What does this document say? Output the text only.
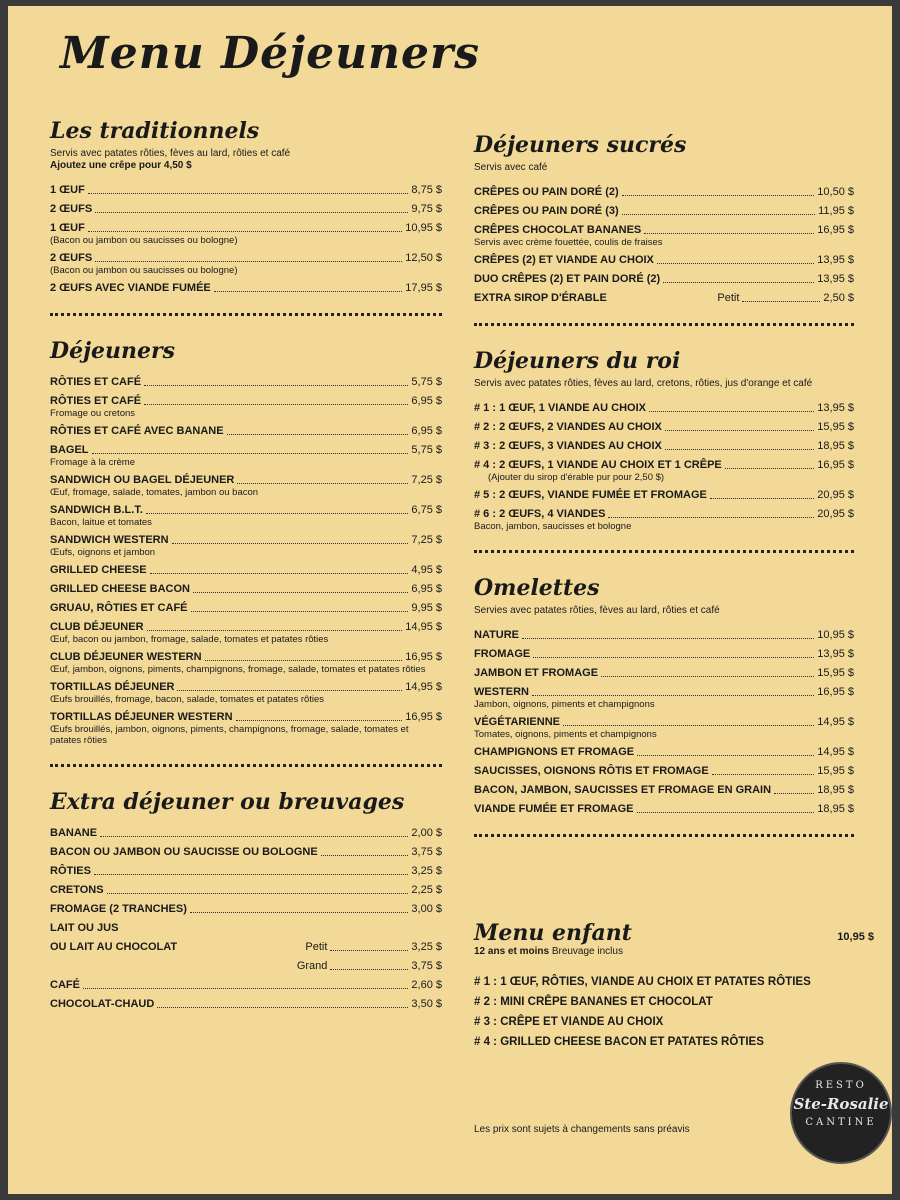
Menu Déjeuners
Les traditionnels
Servis avec patates rôties, fèves au lard, rôties et café
Ajoutez une crêpe pour 4,50 $
1 ŒUF	8,75 $
2 ŒUFS	9,75 $
1 ŒUF	10,95 $
(Bacon ou jambon ou saucisses ou bologne)
2 ŒUFS	12,50 $
(Bacon ou jambon ou saucisses ou bologne)
2 ŒUFS AVEC VIANDE FUMÉE	17,95 $
Déjeuners
RÔTIES ET CAFÉ	5,75 $
RÔTIES ET CAFÉ	6,95 $
Fromage ou cretons
RÔTIES ET CAFÉ AVEC BANANE	6,95 $
BAGEL	5,75 $
Fromage à la crème
SANDWICH OU BAGEL DÉJEUNER	7,25 $
Œuf, fromage, salade, tomates, jambon ou bacon
SANDWICH B.L.T.	6,75 $
Bacon, laitue et tomates
SANDWICH WESTERN	7,25 $
Œufs, oignons et jambon
GRILLED CHEESE	4,95 $
GRILLED CHEESE BACON	6,95 $
GRUAU, RÔTIES ET CAFÉ	9,95 $
CLUB DÉJEUNER	14,95 $
Œuf, bacon ou jambon, fromage, salade, tomates et patates rôties
CLUB DÉJEUNER WESTERN	16,95 $
Œuf, jambon, oignons, piments, champignons, fromage, salade, tomates et patates rôties
TORTILLAS DÉJEUNER	14,95 $
Œufs brouillés, fromage, bacon, salade, tomates et patates rôties
TORTILLAS DÉJEUNER WESTERN	16,95 $
Œufs brouillés, jambon, oignons, piments, champignons, fromage, salade, tomates et patates rôties
Extra déjeuner ou breuvages
BANANE	2,00 $
BACON OU JAMBON OU SAUCISSE OU BOLOGNE	3,75 $
RÔTIES	3,25 $
CRETONS	2,25 $
FROMAGE (2 TRANCHES)	3,00 $
LAIT OU JUS
OU LAIT AU CHOCOLAT	Petit	3,25 $
Grand	3,75 $
CAFÉ	2,60 $
CHOCOLAT-CHAUD	3,50 $
Déjeuners sucrés
Servis avec café
CRÊPES OU PAIN DORÉ (2)	10,50 $
CRÊPES OU PAIN DORÉ (3)	11,95 $
CRÊPES CHOCOLAT BANANES	16,95 $
Servis avec crème fouettée, coulis de fraises
CRÊPES (2) ET VIANDE AU CHOIX	13,95 $
DUO CRÊPES (2) ET PAIN DORÉ (2)	13,95 $
EXTRA SIROP D'ÉRABLE	Petit	2,50 $
Déjeuners du roi
Servis avec patates rôties, fèves au lard, cretons, rôties, jus d'orange et café
# 1 : 1 ŒUF, 1 VIANDE AU CHOIX	13,95 $
# 2 : 2 ŒUFS, 2 VIANDES AU CHOIX	15,95 $
# 3 : 2 ŒUFS, 3 VIANDES AU CHOIX	18,95 $
# 4 : 2 ŒUFS, 1 VIANDE AU CHOIX ET 1 CRÊPE	16,95 $
(Ajouter du sirop d'érable pur pour 2,50 $)
# 5 : 2 ŒUFS, VIANDE FUMÉE ET FROMAGE	20,95 $
# 6 : 2 ŒUFS, 4 VIANDES	20,95 $
Bacon, jambon, saucisses et bologne
Omelettes
Servies avec patates rôties, fèves au lard, rôties et café
NATURE	10,95 $
FROMAGE	13,95 $
JAMBON ET FROMAGE	15,95 $
WESTERN	16,95 $
Jambon, oignons, piments et champignons
VÉGÉTARIENNE	14,95 $
Tomates, oignons, piments et champignons
CHAMPIGNONS ET FROMAGE	14,95 $
SAUCISSES, OIGNONS RÔTIS ET FROMAGE	15,95 $
BACON, JAMBON, SAUCISSES ET FROMAGE EN GRAIN	18,95 $
VIANDE FUMÉE ET FROMAGE	18,95 $
Menu enfant	10,95 $
12 ans et moins Breuvage inclus
# 1 : 1 ŒUF, RÔTIES, VIANDE AU CHOIX ET PATATES RÔTIES
# 2 : MINI CRÊPE BANANES ET CHOCOLAT
# 3 : CRÊPE ET VIANDE AU CHOIX
# 4 : GRILLED CHEESE BACON ET PATATES RÔTIES
Les prix sont sujets à changements sans préavis
RESTO
Ste-Rosalie
CANTINE
